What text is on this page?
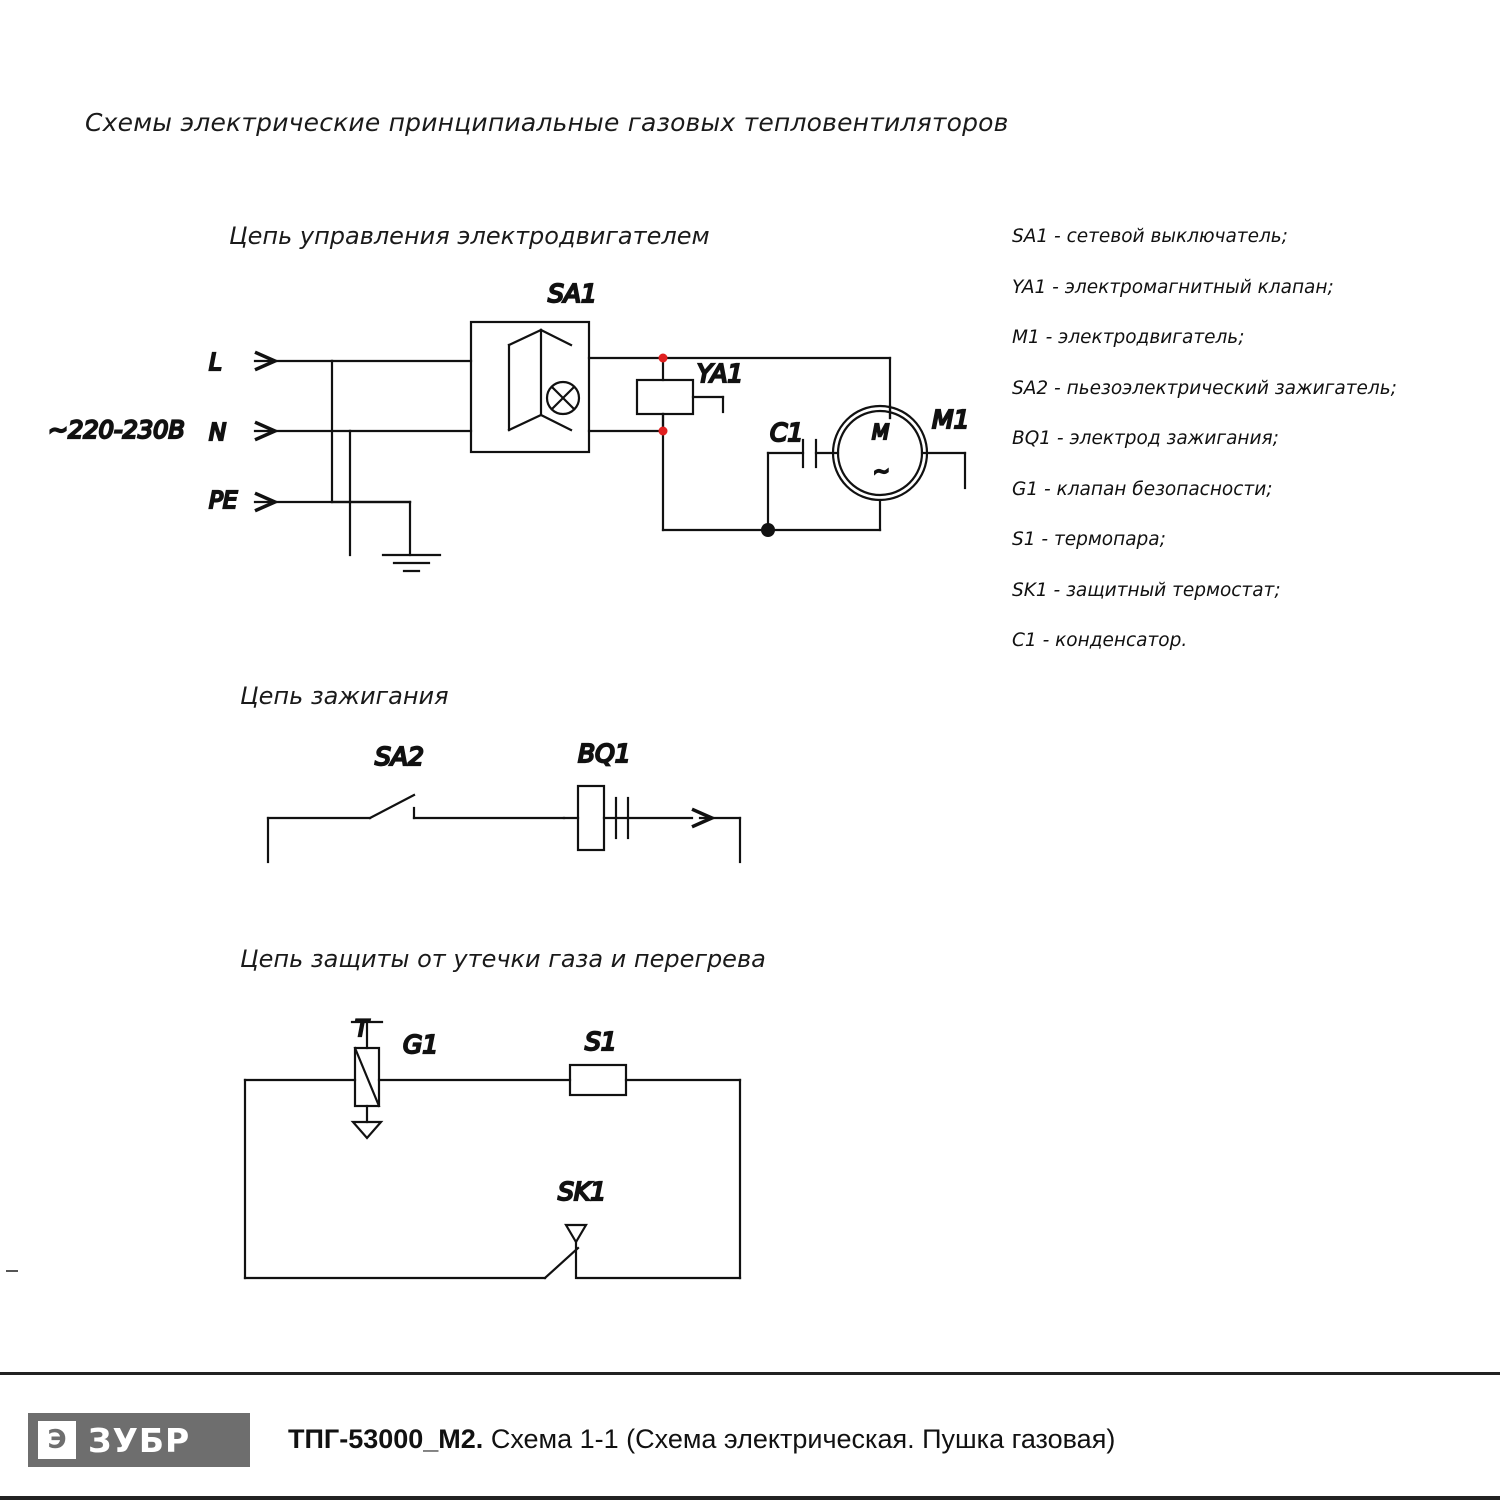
Схемы электрические принципиальные газовых тепловентиляторов
Цепь управления электродвигателем
Цепь зажигания
Цепь защиты от утечки газа и перегрева
SA1 - сетевой выключатель;
YA1 - электромагнитный клапан;
M1 - электродвигатель;
SA2 - пьезоэлектрический зажигатель;
BQ1 - электрод зажигания;
G1 - клапан безопасности;
S1 - термопара;
SK1 - защитный термостат;
C1 - конденсатор.
~220-230В
L
N
PE
SA1
YA1
C1	M
~
M1
SA2	BQ1
G1	S1
SK1
T
Э ЗУБР	ТПГ-53000_М2. Схема 1-1 (Схема электрическая. Пушка газовая)
